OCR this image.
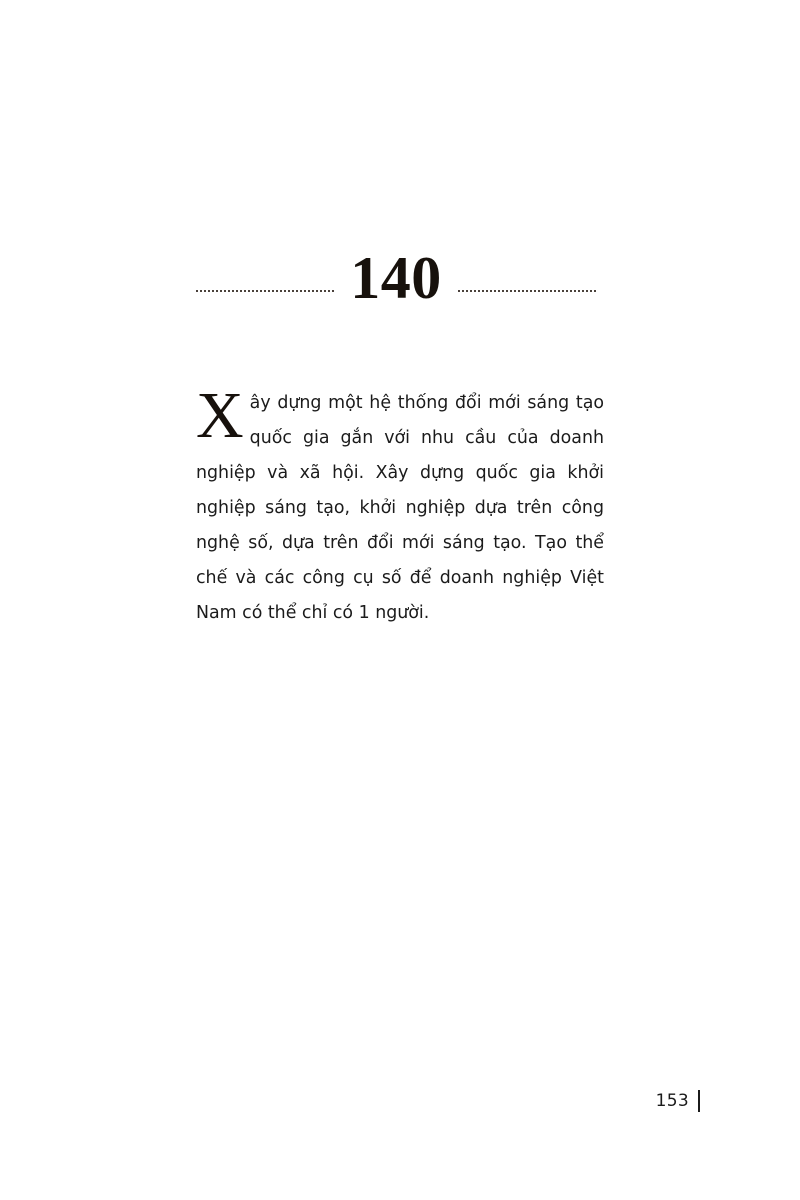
140

Xây dựng một hệ thống đổi mới sáng tạo quốc gia gắn với nhu cầu của doanh nghiệp và xã hội. Xây dựng quốc gia khởi nghiệp sáng tạo, khởi nghiệp dựa trên công nghệ số, dựa trên đổi mới sáng tạo. Tạo thể chế và các công cụ số để doanh nghiệp Việt Nam có thể chỉ có 1 người.

153
